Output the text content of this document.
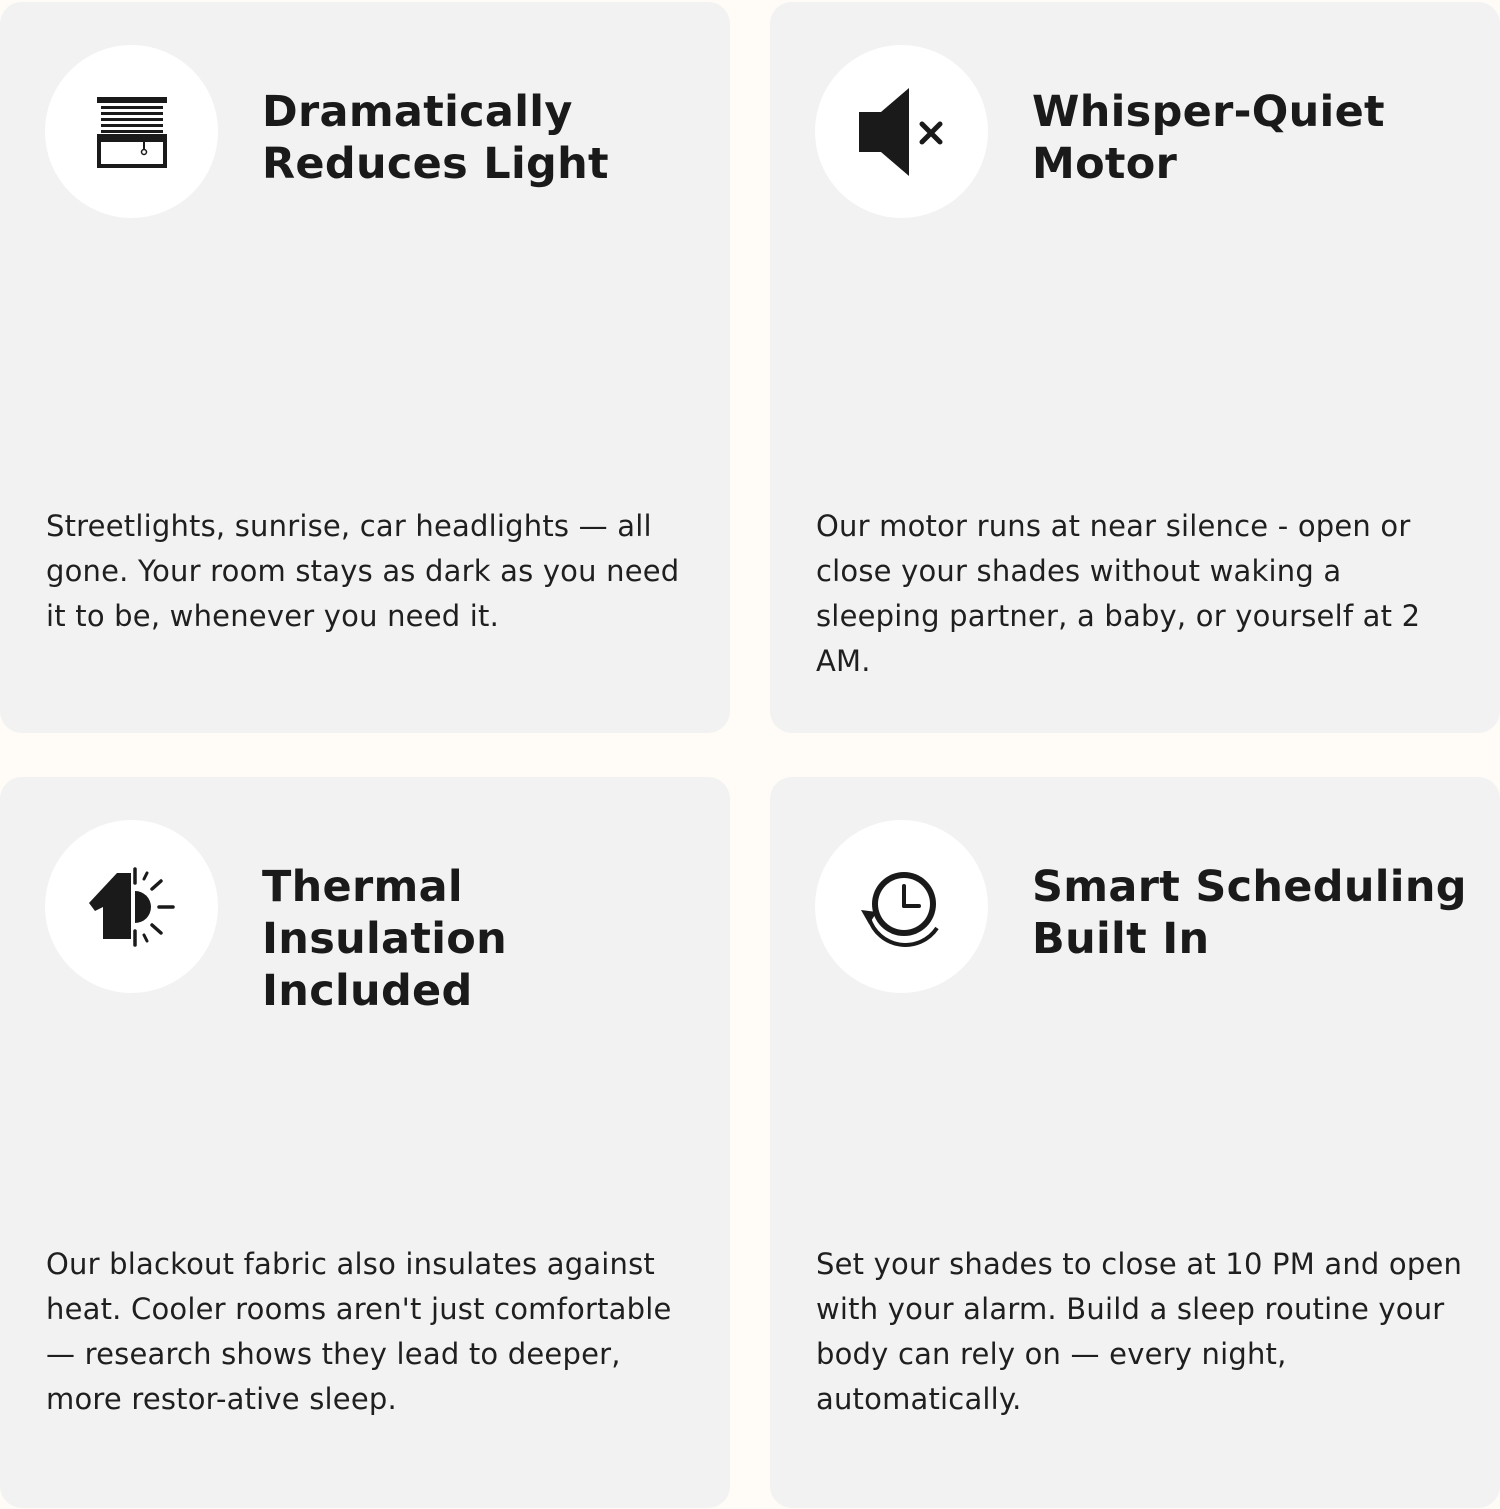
Dramatically Reduces Light

Streetlights, sunrise, car headlights — all gone. Your room stays as dark as you need it to be, whenever you need it.

Whisper-Quiet Motor

Our motor runs at near silence - open or close your shades without waking a sleeping partner, a baby, or yourself at 2 AM.

Thermal Insulation Included

Our blackout fabric also insulates against heat. Cooler rooms aren't just comfortable — research shows they lead to deeper, more restor-ative sleep.

Smart Scheduling Built In

Set your shades to close at 10 PM and open with your alarm. Build a sleep routine your body can rely on — every night, automatically.
